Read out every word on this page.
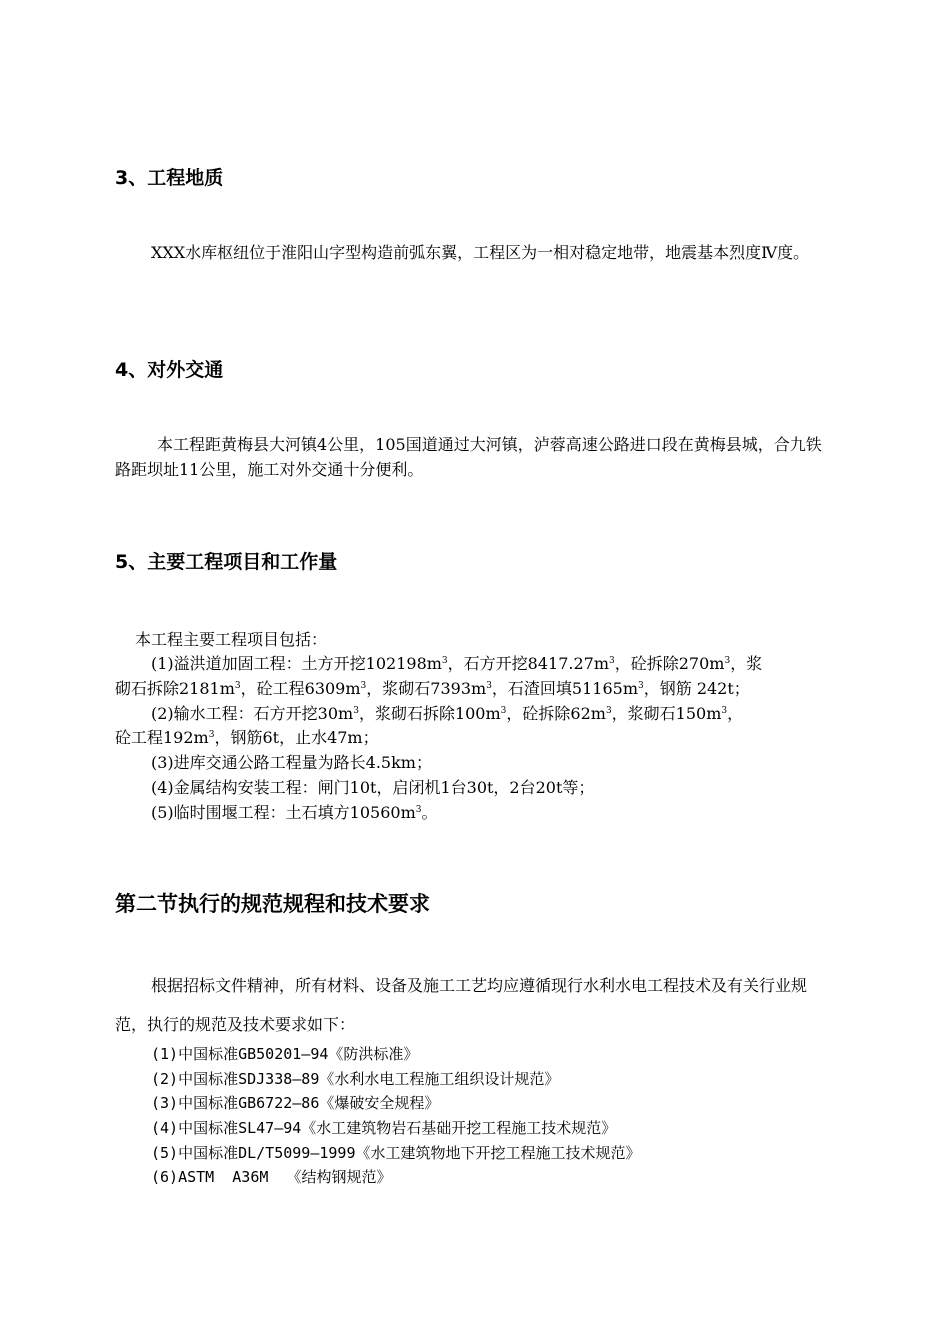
3、工程地质

XXX水库枢纽位于淮阳山字型构造前弧东翼，工程区为一相对稳定地带，地震基本烈度Ⅳ度。

4、对外交通

本工程距黄梅县大河镇4公里，105国道通过大河镇，泸蓉高速公路进口段在黄梅县城，合九铁路距坝址11公里，施工对外交通十分便利。

5、主要工程项目和工作量
本工程主要工程项目包括：
(1)溢洪道加固工程：土方开挖$102198m^3$，石方开挖$8417.27m^3$，砼拆除$270m^3$，浆
砌石拆除$2181m^3$，砼工程$6309m^3$，浆砌石$7393m^3$，石渣回填$51165m^3$，钢筋 242t；
(2)输水工程：石方开挖$30m^3$，浆砌石拆除$100m^3$，砼拆除$62m^3$，浆砌石$150m^3$，
砼工程$192m^3$，钢筋6t，止水47m；
(3)进库交通公路工程量为路长4.5km；
(4)金属结构安装工程：闸门10t，启闭机1台30t，2台20t等；
(5)临时围堰工程：土石填方$10560m^3$。
第二节执行的规范规程和技术要求

根据招标文件精神，所有材料、设备及施工工艺均应遵循现行水利水电工程技术及有关行业规范，执行的规范及技术要求如下：

(1)中国标准GB50201—94《防洪标准》
(2)中国标准SDJ338—89《水利水电工程施工组织设计规范》
(3)中国标准GB6722—86《爆破安全规程》
(4)中国标准SL47—94《水工建筑物岩石基础开挖工程施工技术规范》
(5)中国标准DL/T5099—1999《水工建筑物地下开挖工程施工技术规范》
(6)ASTM  A36M  《结构钢规范》
